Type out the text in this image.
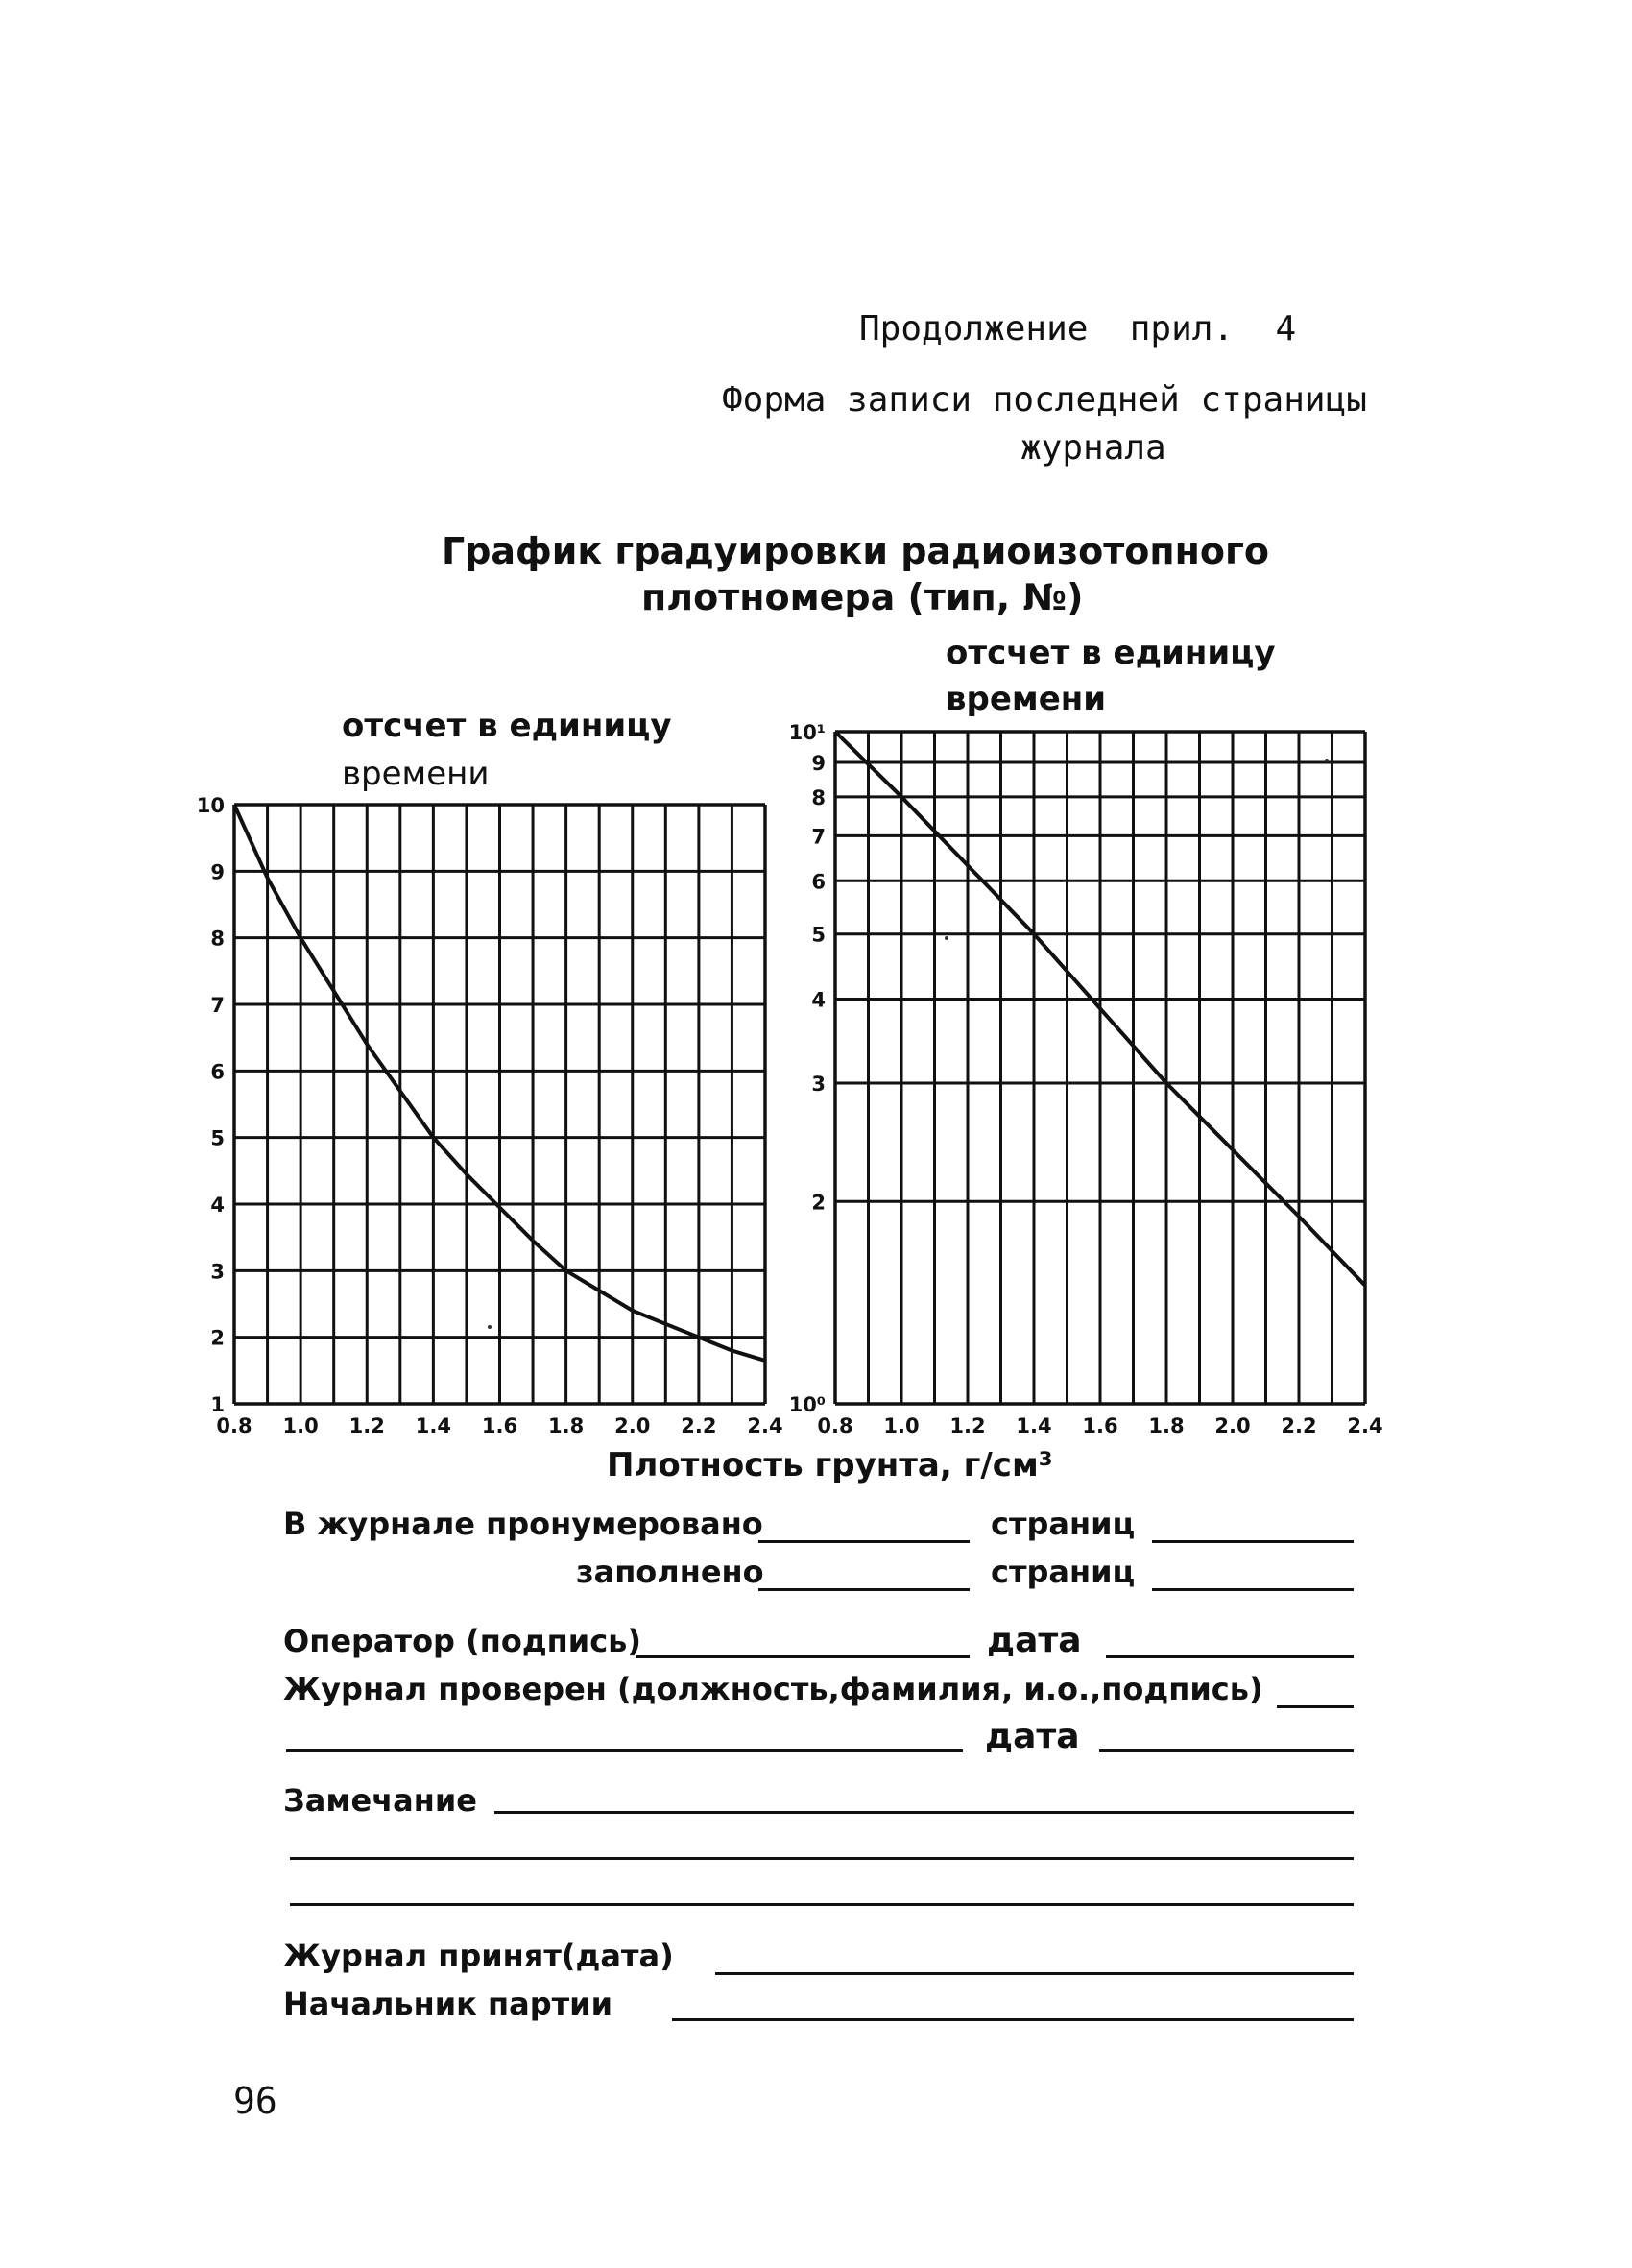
Продолжение  прил.  4
Форма записи последней страницы
журнала
График градуировки радиоизотопного
плотномера (тип, №)
отсчет в единицу
отсчет в единицу
Плотность грунта, г/см³
1
2
3
4
5
6
7
8
9
10
0.8 1.0 1.2 1.4 1.6 1.8 2.0 2.2 2.4
10⁰
2
3
4
5
6
7
8
9
10¹
0.8 1.0 1.2 1.4 1.6 1.8 2.0 2.2 2.4
В журнале пронумеровано	страниц
заполнено	страниц
Оператор (подпись)	дата
Журнал проверен (должность,фамилия, и.о.,подпись)
дата
Замечание
Журнал принят(дата)
Начальник партии
96
времени
времени
